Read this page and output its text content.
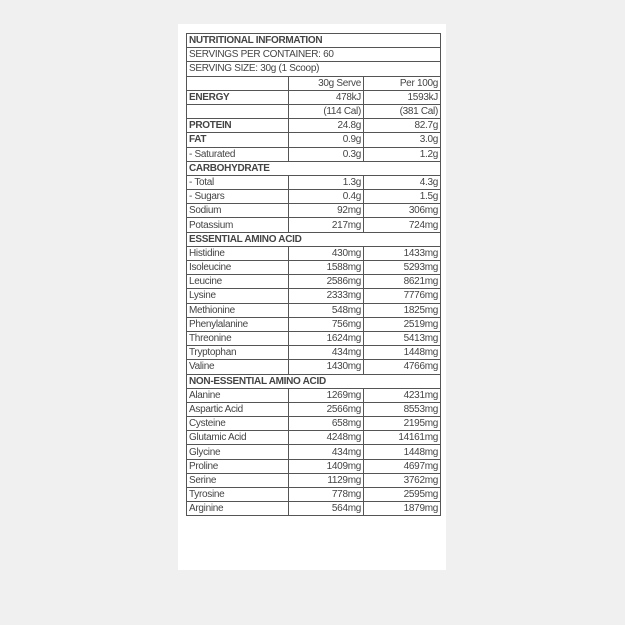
NUTRITIONAL INFORMATION		
SERVINGS PER CONTAINER: 60		
SERVING SIZE: 30g (1 Scoop)		
	30g Serve	Per 100g
ENERGY	478kJ	1593kJ
	(114 Cal)	(381 Cal)
PROTEIN	24.8g	82.7g
FAT	0.9g	3.0g
- Saturated	0.3g	1.2g
CARBOHYDRATE		
- Total	1.3g	4.3g
- Sugars	0.4g	1.5g
Sodium	92mg	306mg
Potassium	217mg	724mg
ESSENTIAL AMINO ACID		
Histidine	430mg	1433mg
Isoleucine	1588mg	5293mg
Leucine	2586mg	8621mg
Lysine	2333mg	7776mg
Methionine	548mg	1825mg
Phenylalanine	756mg	2519mg
Threonine	1624mg	5413mg
Tryptophan	434mg	1448mg
Valine	1430mg	4766mg
NON-ESSENTIAL AMINO ACID		
Alanine	1269mg	4231mg
Aspartic Acid	2566mg	8553mg
Cysteine	658mg	2195mg
Glutamic Acid	4248mg	14161mg
Glycine	434mg	1448mg
Proline	1409mg	4697mg
Serine	1129mg	3762mg
Tyrosine	778mg	2595mg
Arginine	564mg	1879mg
